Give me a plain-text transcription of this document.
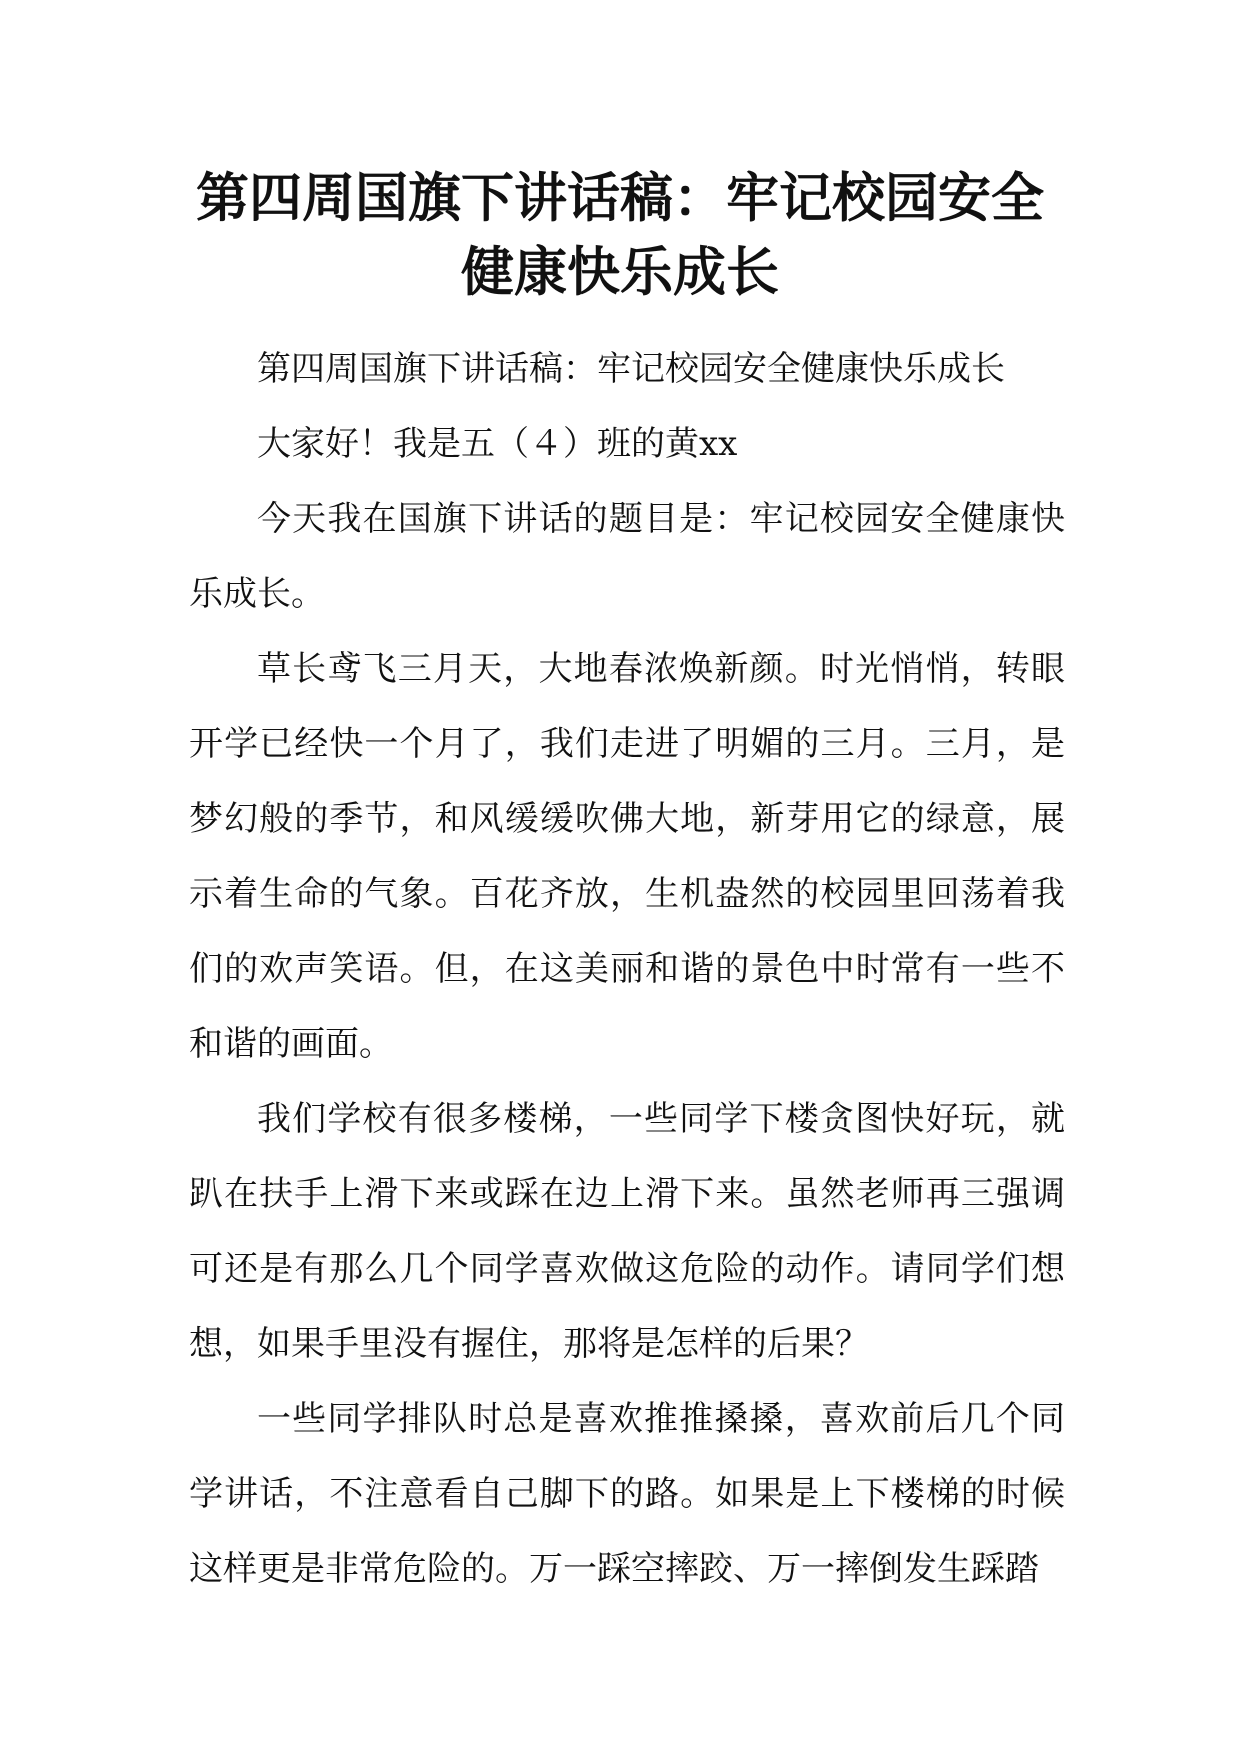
第四周国旗下讲话稿：牢记校园安全
健康快乐成长

第四周国旗下讲话稿：牢记校园安全健康快乐成长

大家好！我是五（４）班的黄xx

今天我在国旗下讲话的题目是：牢记校园安全健康快乐成长。

草长鸢飞三月天，大地春浓焕新颜。时光悄悄，转眼开学已经快一个月了，我们走进了明媚的三月。三月，是梦幻般的季节，和风缓缓吹佛大地，新芽用它的绿意，展示着生命的气象。百花齐放，生机盎然的校园里回荡着我们的欢声笑语。但，在这美丽和谐的景色中时常有一些不和谐的画面。

我们学校有很多楼梯，一些同学下楼贪图快好玩，就趴在扶手上滑下来或踩在边上滑下来。虽然老师再三强调可还是有那么几个同学喜欢做这危险的动作。请同学们想想，如果手里没有握住，那将是怎样的后果？

一些同学排队时总是喜欢推推搡搡，喜欢前后几个同学讲话，不注意看自己脚下的路。如果是上下楼梯的时候这样更是非常危险的。万一踩空摔跤、万一摔倒发生踩踏
